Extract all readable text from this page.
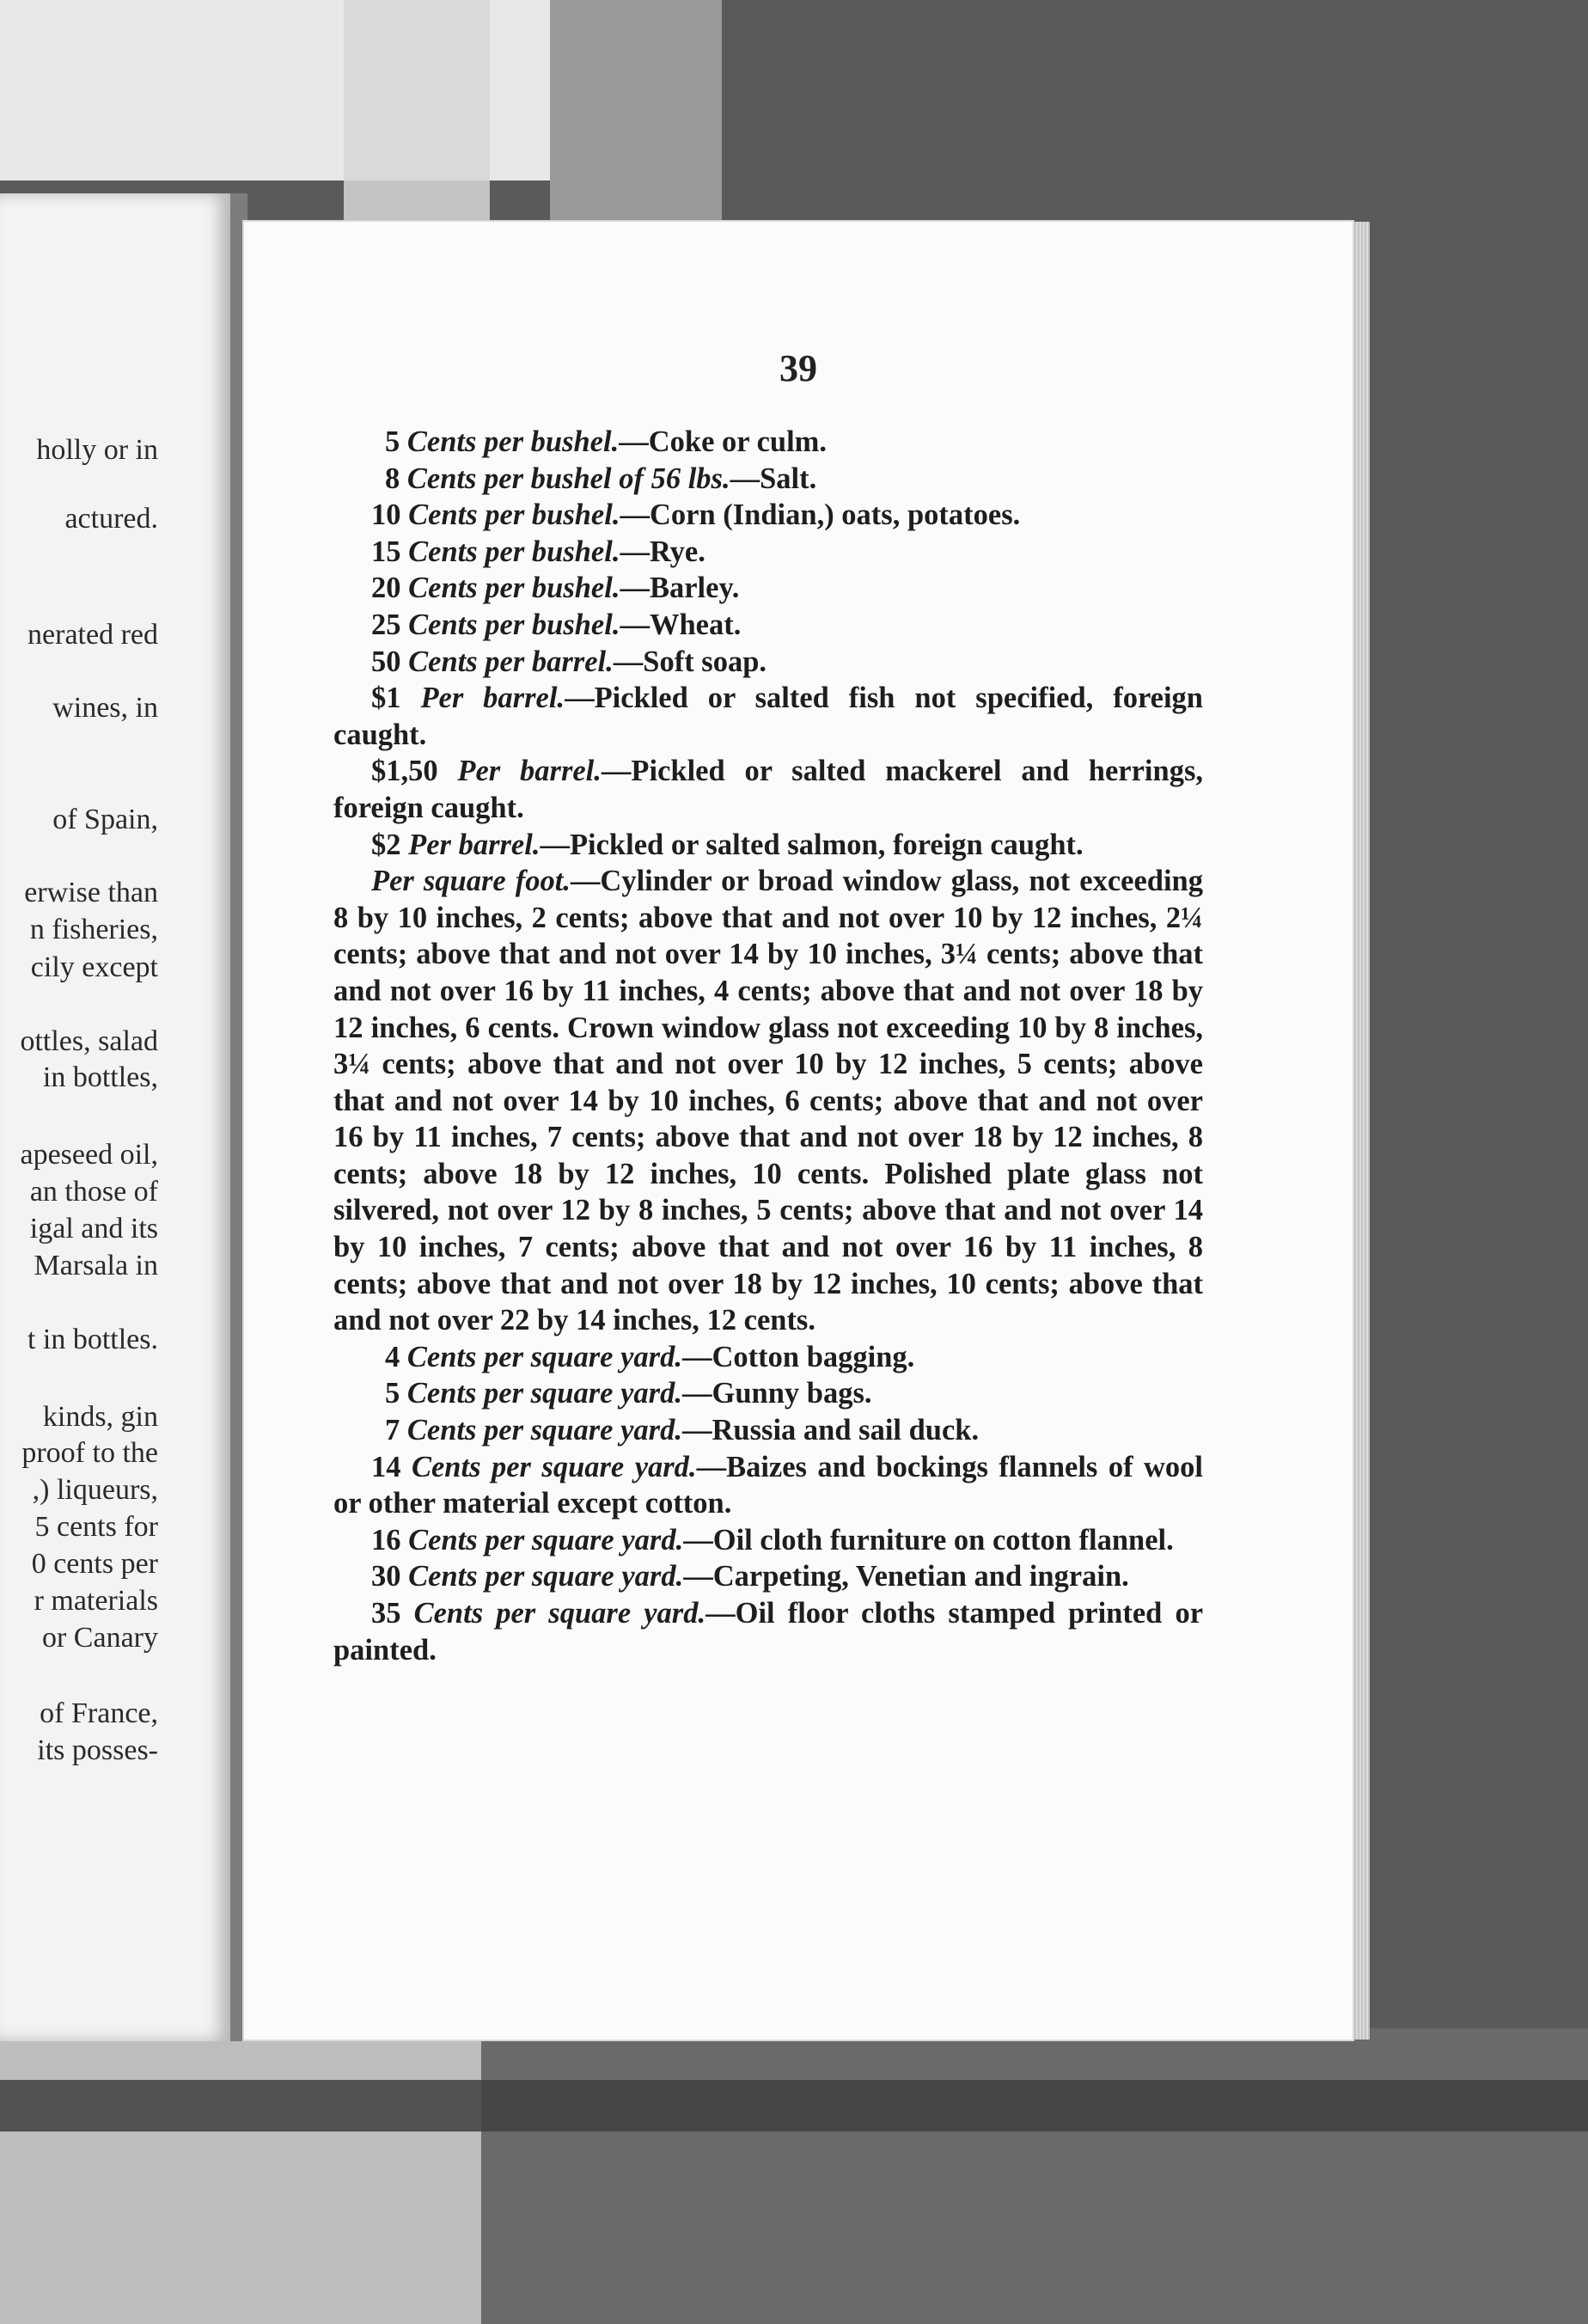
holly or in
actured.
nerated red
wines, in
of Spain,
erwise than
n fisheries,
cily except
ottles, salad
in bottles,
apeseed oil,
an those of
igal and its
Marsala in
t in bottles.
kinds, gin
proof to the
,) liqueurs,
5 cents for
0 cents per
r materials
or Canary
of France,
its posses-
39

5 Cents per bushel.—Coke or culm.

8 Cents per bushel of 56 lbs.—Salt.

10 Cents per bushel.—Corn (Indian,) oats, potatoes.

15 Cents per bushel.—Rye.

20 Cents per bushel.—Barley.

25 Cents per bushel.—Wheat.

50 Cents per barrel.—Soft soap.

$1 Per barrel.—Pickled or salted fish not specified, foreign caught.

$1,50 Per barrel.—Pickled or salted mackerel and herrings, foreign caught.

$2 Per barrel.—Pickled or salted salmon, foreign caught.

Per square foot.—Cylinder or broad window glass, not exceeding 8 by 10 inches, 2 cents; above that and not over 10 by 12 inches, 2¼ cents; above that and not over 14 by 10 inches, 3¼ cents; above that and not over 16 by 11 inches, 4 cents; above that and not over 18 by 12 inches, 6 cents. Crown window glass not exceeding 10 by 8 inches, 3¼ cents; above that and not over 10 by 12 inches, 5 cents; above that and not over 14 by 10 inches, 6 cents; above that and not over 16 by 11 inches, 7 cents; above that and not over 18 by 12 inches, 8 cents; above 18 by 12 inches, 10 cents. Polished plate glass not silvered, not over 12 by 8 inches, 5 cents; above that and not over 14 by 10 inches, 7 cents; above that and not over 16 by 11 inches, 8 cents; above that and not over 18 by 12 inches, 10 cents; above that and not over 22 by 14 inches, 12 cents.

4 Cents per square yard.—Cotton bagging.

5 Cents per square yard.—Gunny bags.

7 Cents per square yard.—Russia and sail duck.

14 Cents per square yard.—Baizes and bockings flannels of wool or other material except cotton.

16 Cents per square yard.—Oil cloth furniture on cotton flannel.

30 Cents per square yard.—Carpeting, Venetian and ingrain.

35 Cents per square yard.—Oil floor cloths stamped printed or painted.
